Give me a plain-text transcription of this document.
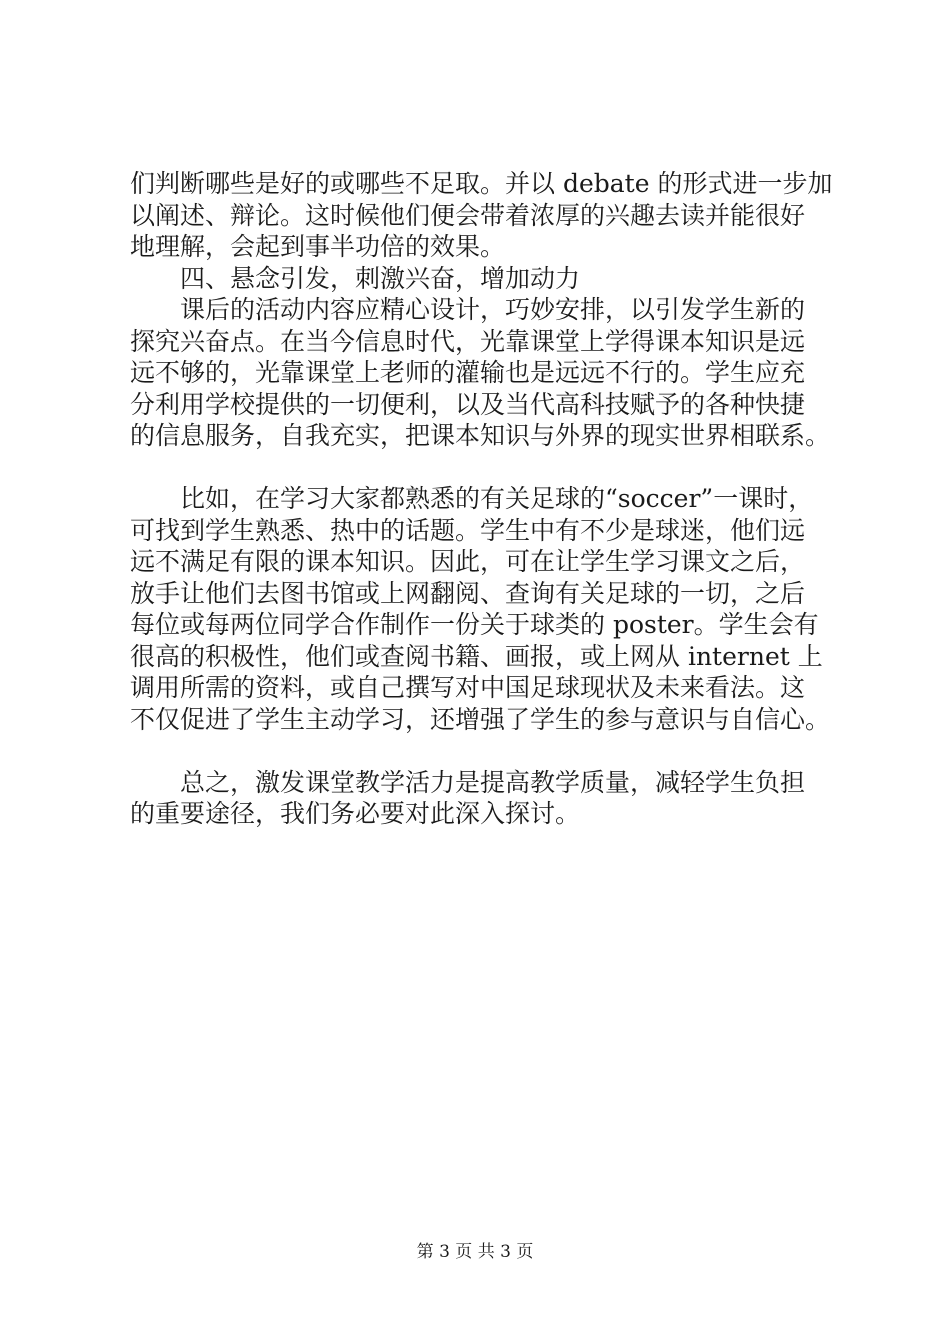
们判断哪些是好的或哪些不足取。并以 debate 的形式进一步加
以阐述、辩论。这时候他们便会带着浓厚的兴趣去读并能很好
地理解，会起到事半功倍的效果。
四、悬念引发，刺激兴奋，增加动力
课后的活动内容应精心设计，巧妙安排，以引发学生新的
探究兴奋点。在当今信息时代，光靠课堂上学得课本知识是远
远不够的，光靠课堂上老师的灌输也是远远不行的。学生应充
分利用学校提供的一切便利，以及当代高科技赋予的各种快捷
的信息服务，自我充实，把课本知识与外界的现实世界相联系。
比如，在学习大家都熟悉的有关足球的“soccer”一课时，
可找到学生熟悉、热中的话题。学生中有不少是球迷，他们远
远不满足有限的课本知识。因此，可在让学生学习课文之后，
放手让他们去图书馆或上网翻阅、查询有关足球的一切，之后
每位或每两位同学合作制作一份关于球类的 poster。学生会有
很高的积极性，他们或查阅书籍、画报，或上网从 internet 上
调用所需的资料，或自己撰写对中国足球现状及未来看法。这
不仅促进了学生主动学习，还增强了学生的参与意识与自信心。
总之，激发课堂教学活力是提高教学质量，减轻学生负担
的重要途径，我们务必要对此深入探讨。
第 3 页 共 3 页
